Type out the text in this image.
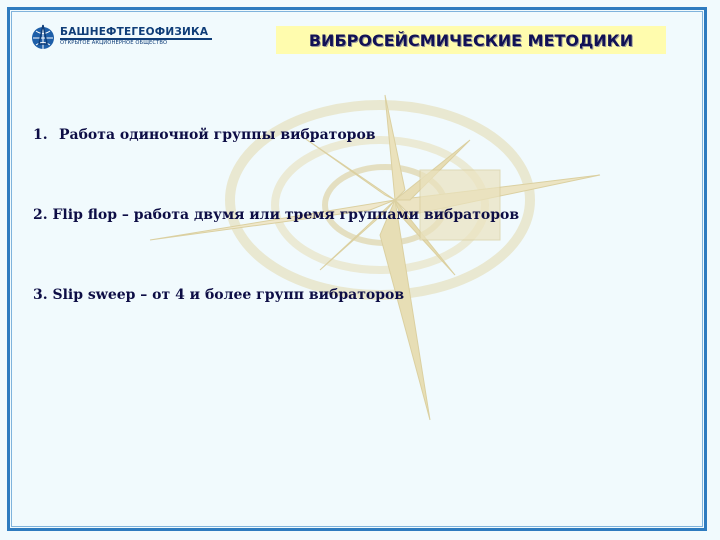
БАШНЕФТЕГЕОФИЗИКА
ОТКРЫТОЕ АКЦИОНЕРНОЕ ОБЩЕСТВО	ВИБРОСЕЙСМИЧЕСКИЕ МЕТОДИКИ
1. Работа одиночной группы вибраторов
2. Flip flop – работа двумя или тремя группами вибраторов
3. Slip sweep – от 4 и более групп вибраторов
